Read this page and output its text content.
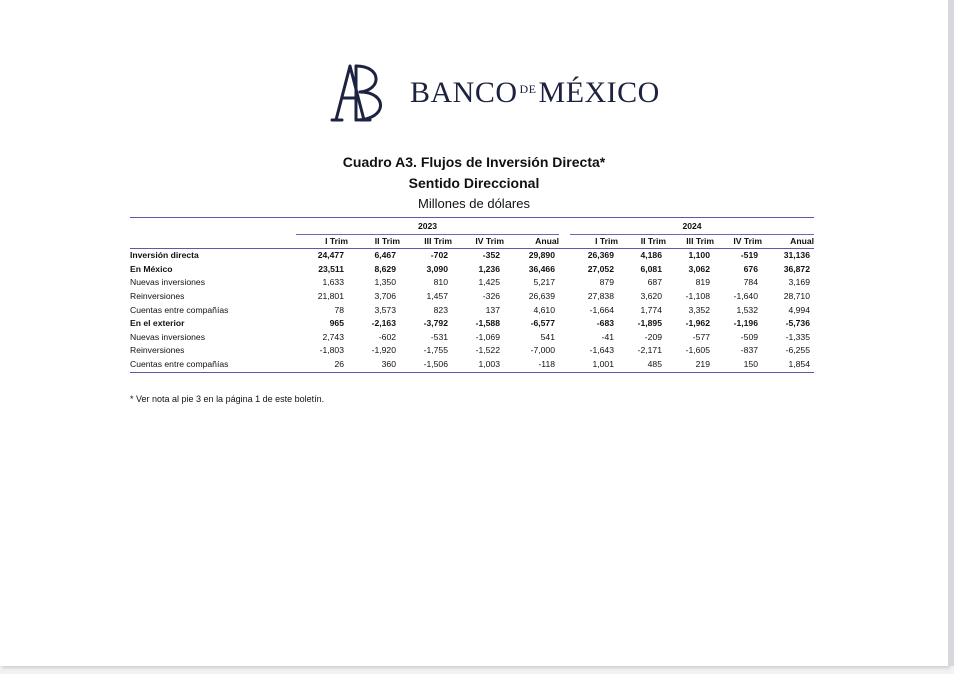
BANCO DE MÉXICO
Cuadro A3. Flujos de Inversión Directa*
Sentido Direccional
Millones de dólares

	2023						2024				
	I Trim	II Trim	III Trim	IV Trim	Anual		I Trim	II Trim	III Trim	IV Trim	Anual
Inversión directa	24,477	6,467	-702	-352	29,890		26,369	4,186	1,100	-519	31,136
En México	23,511	8,629	3,090	1,236	36,466		27,052	6,081	3,062	676	36,872
Nuevas inversiones	1,633	1,350	810	1,425	5,217		879	687	819	784	3,169
Reinversiones	21,801	3,706	1,457	-326	26,639		27,838	3,620	-1,108	-1,640	28,710
Cuentas entre compañías	78	3,573	823	137	4,610		-1,664	1,774	3,352	1,532	4,994
En el exterior	965	-2,163	-3,792	-1,588	-6,577		-683	-1,895	-1,962	-1,196	-5,736
Nuevas inversiones	2,743	-602	-531	-1,069	541		-41	-209	-577	-509	-1,335
Reinversiones	-1,803	-1,920	-1,755	-1,522	-7,000		-1,643	-2,171	-1,605	-837	-6,255
Cuentas entre compañías	26	360	-1,506	1,003	-118		1,001	485	219	150	1,854
* Ver nota al pie 3 en la página 1 de este boletín.
